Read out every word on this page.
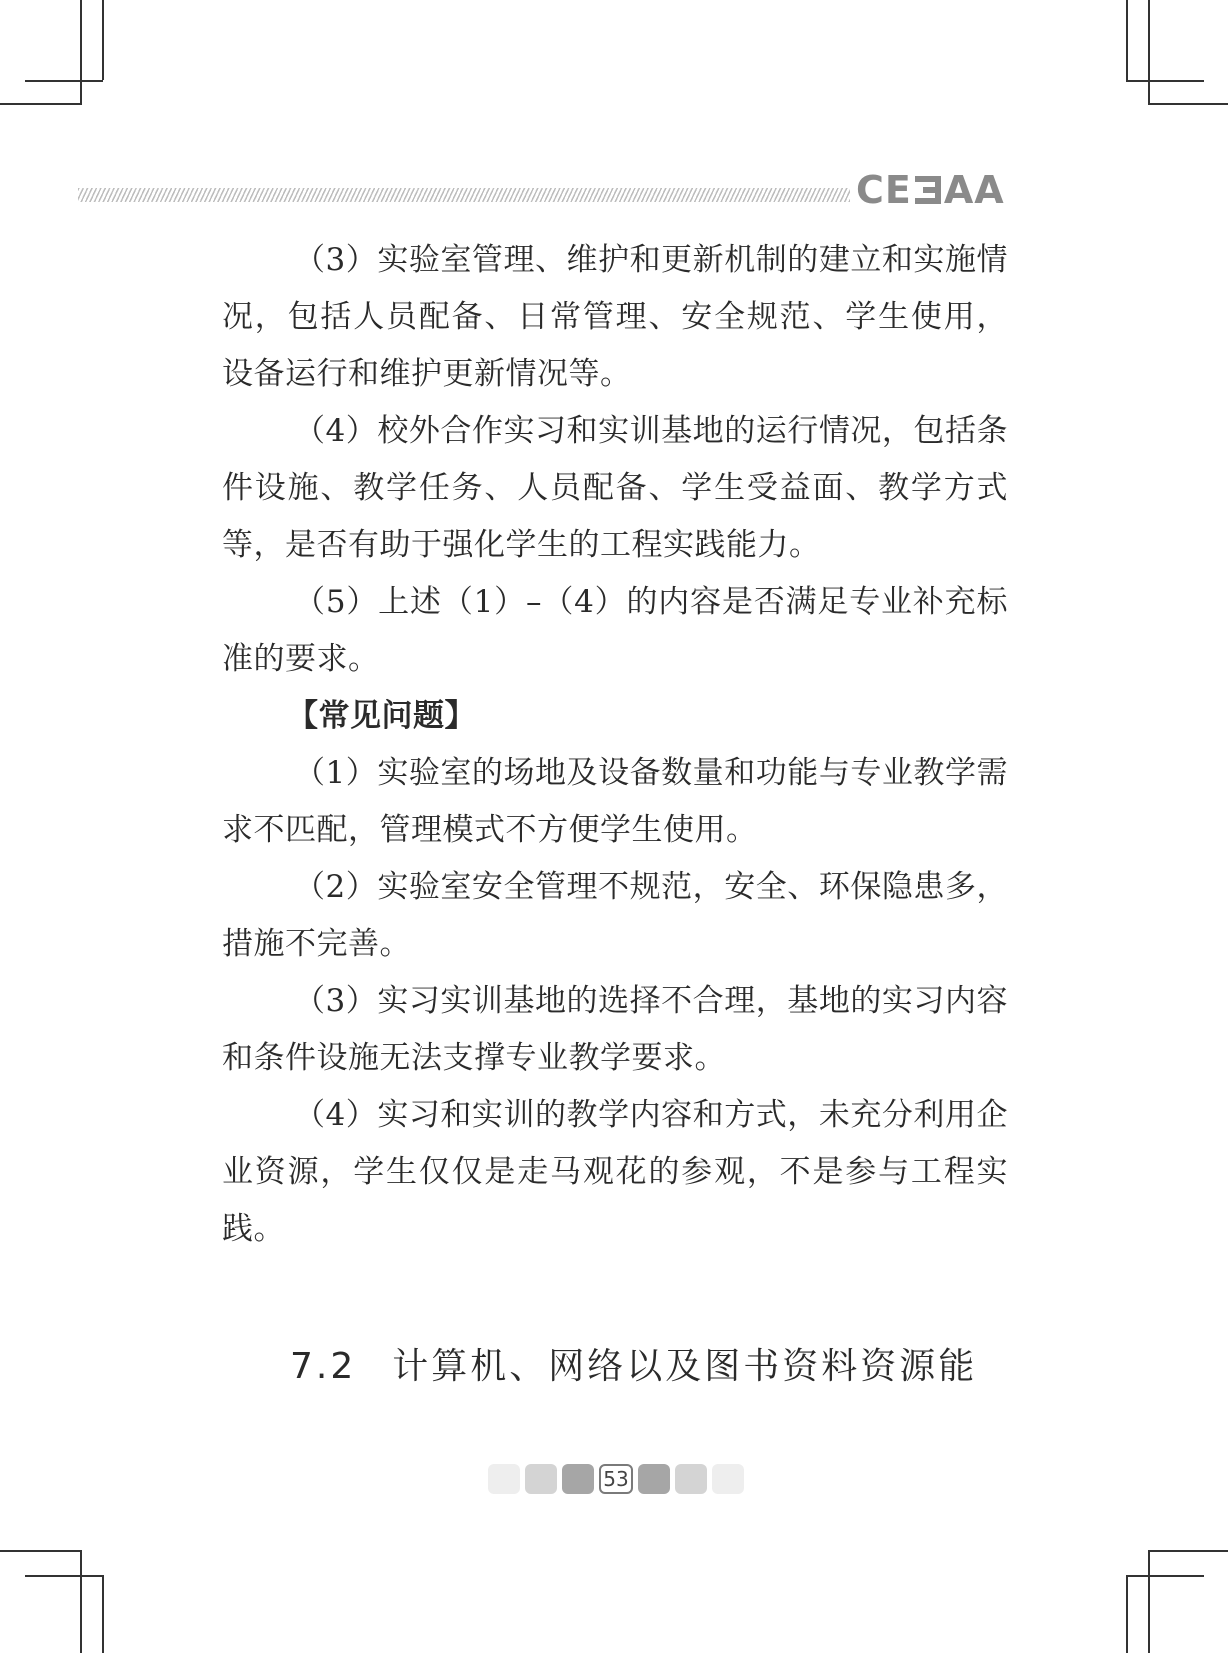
CE AA

（3）实验室管理、维护和更新机制的建立和实施情况，包括人员配备、日常管理、安全规范、学生使用，设备运行和维护更新情况等。

（4）校外合作实习和实训基地的运行情况，包括条件设施、教学任务、人员配备、学生受益面、教学方式等，是否有助于强化学生的工程实践能力。

（5）上述（1）–（4）的内容是否满足专业补充标准的要求。

【常见问题】

（1）实验室的场地及设备数量和功能与专业教学需求不匹配，管理模式不方便学生使用。

（2）实验室安全管理不规范，安全、环保隐患多，措施不完善。

（3）实习实训基地的选择不合理，基地的实习内容和条件设施无法支撑专业教学要求。

（4）实习和实训的教学内容和方式，未充分利用企业资源，学生仅仅是走马观花的参观，不是参与工程实践。

7.2 计算机、网络以及图书资料资源能
53
